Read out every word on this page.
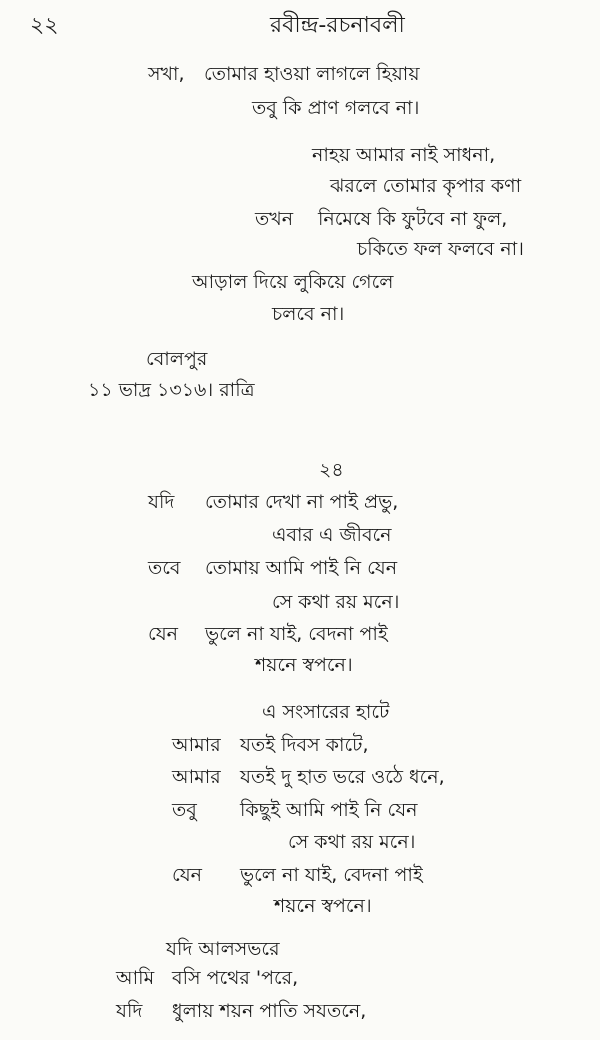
২২	রবীন্দ্র-রচনাবলী
সখা, তোমার হাওয়া লাগলে হিয়ায়
তবু কি প্রাণ গলবে না।
নাহয় আমার নাই সাধনা,
ঝরলে তোমার কৃপার কণা
তখন নিমেষে কি ফুটবে না ফুল,
চকিতে ফল ফলবে না।
আড়াল দিয়ে লুকিয়ে গেলে
চলবে না।
বোলপুর
১১ ভাদ্র ১৩১৬। রাত্রি
২৪
যদি তোমার দেখা না পাই প্রভু,
এবার এ জীবনে
তবে তোমায় আমি পাই নি যেন
সে কথা রয় মনে।
যেন ভুলে না যাই, বেদনা পাই
শয়নে স্বপনে।
এ সংসারের হাটে
আমার যতই দিবস কাটে,
আমার যতই দু হাত ভরে ওঠে ধনে,
তবু কিছুই আমি পাই নি যেন
সে কথা রয় মনে।
যেন ভুলে না যাই, বেদনা পাই
শয়নে স্বপনে।
যদি আলসভরে
আমি বসি পথের 'পরে,
যদি ধুলায় শয়ন পাতি সযতনে,
